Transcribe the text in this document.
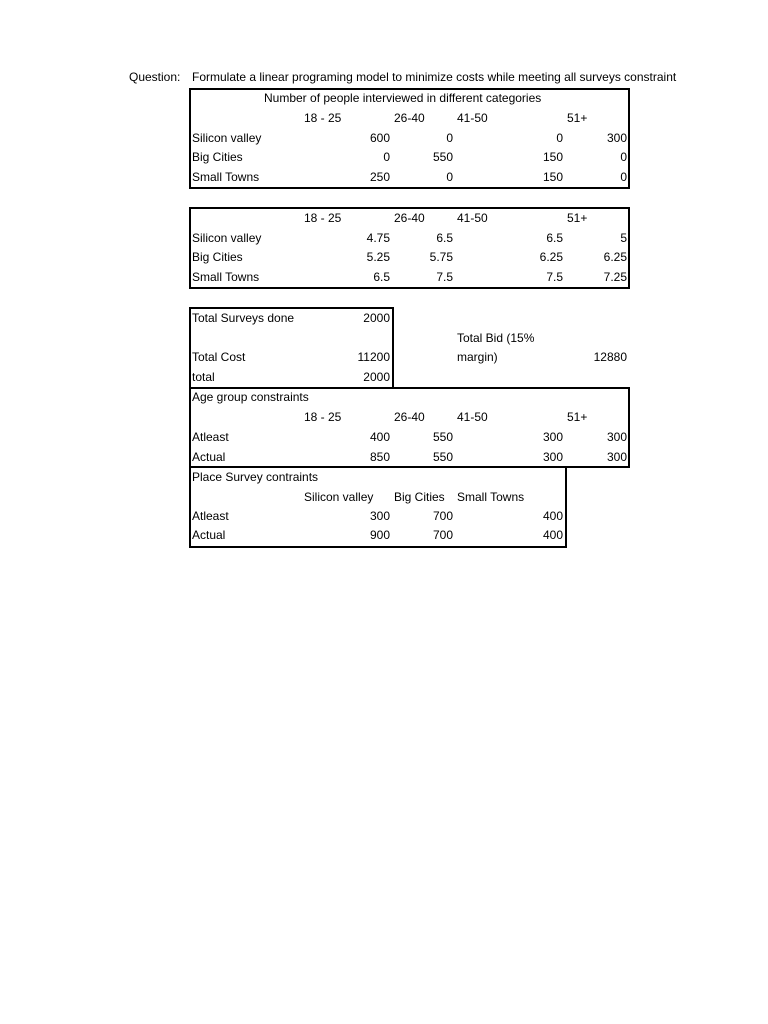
Question: Formulate a linear programing model to minimize costs while meeting all surveys constraint
Number of people interviewed in different categories
18 - 25	26-40	41-50	51+
Silicon valley	600	0	0	300
Big Cities	0	550	150	0
Small Towns	250	0	150	0
18 - 25	26-40	41-50	51+
Silicon valley	4.75	6.5	6.5	5
Big Cities	5.25	5.75	6.25	6.25
Small Towns	6.5	7.5	7.5	7.25
Total Surveys done	2000
Total Cost	11200
total	2000
Total Bid (15%
margin)	12880
Age group constraints
18 - 25	26-40	41-50	51+
Atleast	400	550	300	300
Actual	850	550	300	300
Place Survey contraints
Silicon valley Big Cities Small Towns
Atleast	300	700	400
Actual	900	700	400
